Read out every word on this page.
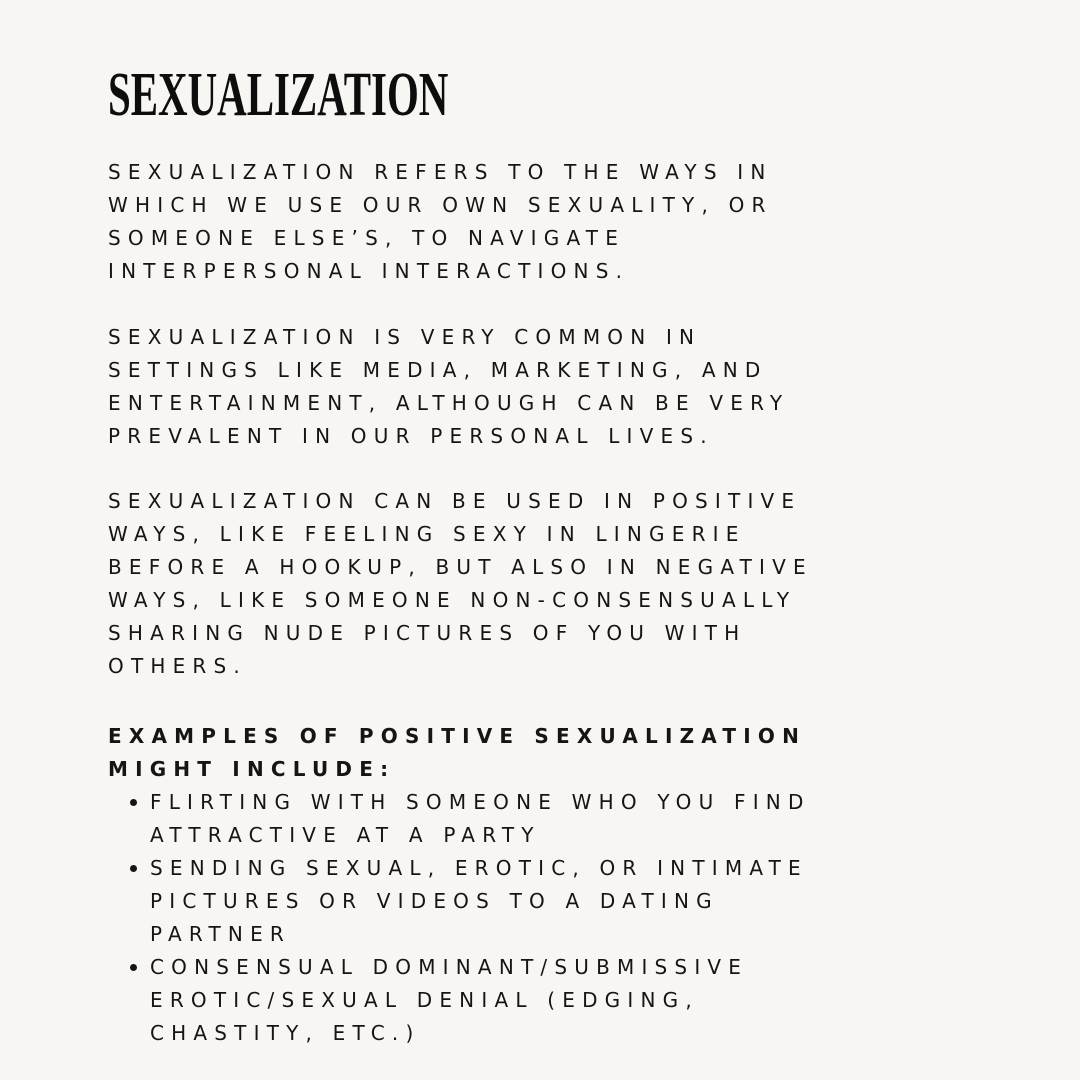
SEXUALIZATION
SEXUALIZATION REFERS TO THE WAYS IN
WHICH WE USE OUR OWN SEXUALITY, OR
SOMEONE ELSE’S, TO NAVIGATE
INTERPERSONAL INTERACTIONS.
SEXUALIZATION IS VERY COMMON IN
SETTINGS LIKE MEDIA, MARKETING, AND
ENTERTAINMENT, ALTHOUGH CAN BE VERY
PREVALENT IN OUR PERSONAL LIVES.
SEXUALIZATION CAN BE USED IN POSITIVE
WAYS, LIKE FEELING SEXY IN LINGERIE
BEFORE A HOOKUP, BUT ALSO IN NEGATIVE
WAYS, LIKE SOMEONE NON-CONSENSUALLY
SHARING NUDE PICTURES OF YOU WITH
OTHERS.
EXAMPLES OF POSITIVE SEXUALIZATION
MIGHT INCLUDE:
FLIRTING WITH SOMEONE WHO YOU FIND
ATTRACTIVE AT A PARTY
SENDING SEXUAL, EROTIC, OR INTIMATE
PICTURES OR VIDEOS TO A DATING
PARTNER
CONSENSUAL DOMINANT/SUBMISSIVE
EROTIC/SEXUAL DENIAL (EDGING,
CHASTITY, ETC.)
